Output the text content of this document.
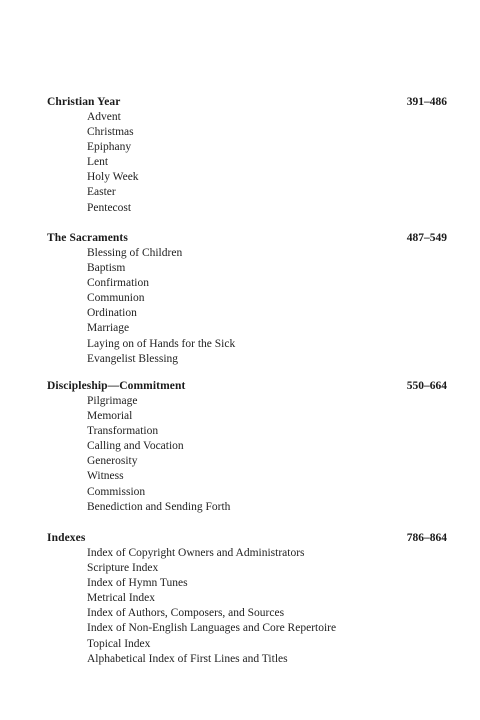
Christian Year	391–486
Advent
Christmas
Epiphany
Lent
Holy Week
Easter
Pentecost
The Sacraments	487–549
Blessing of Children
Baptism
Confirmation
Communion
Ordination
Marriage
Laying on of Hands for the Sick
Evangelist Blessing
Discipleship—Commitment	550–664
Pilgrimage
Memorial
Transformation
Calling and Vocation
Generosity
Witness
Commission
Benediction and Sending Forth
Indexes	786–864
Index of Copyright Owners and Administrators
Scripture Index
Index of Hymn Tunes
Metrical Index
Index of Authors, Composers, and Sources
Index of Non-English Languages and Core Repertoire
Topical Index
Alphabetical Index of First Lines and Titles
